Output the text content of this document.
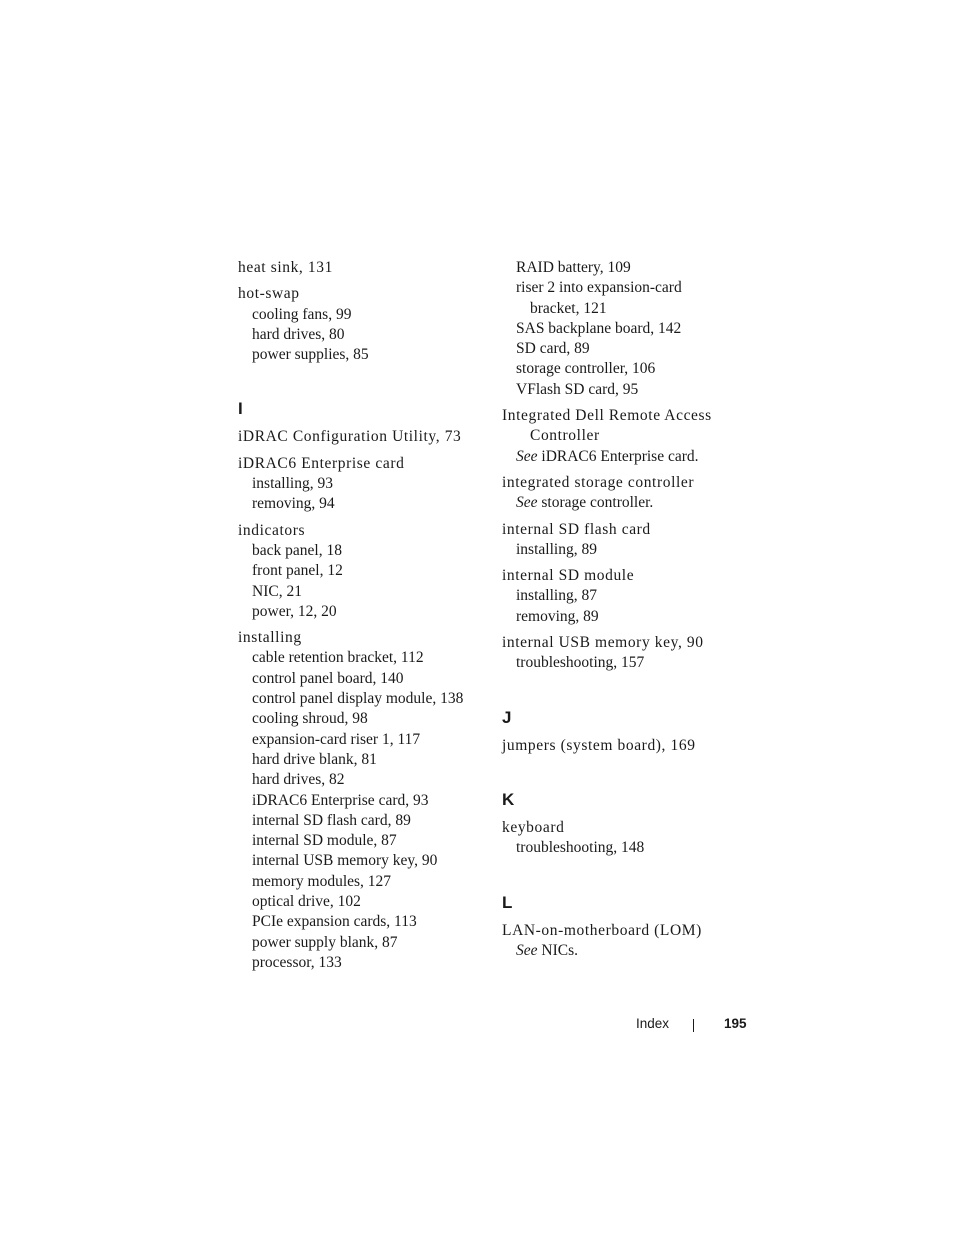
heat sink, 131
hot-swap
cooling fans, 99
hard drives, 80
power supplies, 85
I
iDRAC Configuration Utility, 73
iDRAC6 Enterprise card
installing, 93
removing, 94
indicators
back panel, 18
front panel, 12
NIC, 21
power, 12, 20
installing
cable retention bracket, 112
control panel board, 140
control panel display module, 138
cooling shroud, 98
expansion-card riser 1, 117
hard drive blank, 81
hard drives, 82
iDRAC6 Enterprise card, 93
internal SD flash card, 89
internal SD module, 87
internal USB memory key, 90
memory modules, 127
optical drive, 102
PCIe expansion cards, 113
power supply blank, 87
processor, 133
RAID battery, 109
riser 2 into expansion-card
bracket, 121
SAS backplane board, 142
SD card, 89
storage controller, 106
VFlash SD card, 95
Integrated Dell Remote Access
Controller
See iDRAC6 Enterprise card.
integrated storage controller
See storage controller.
internal SD flash card
installing, 89
internal SD module
installing, 87
removing, 89
internal USB memory key, 90
troubleshooting, 157
J
jumpers (system board), 169
K
keyboard
troubleshooting, 148
L
LAN-on-motherboard (LOM)
See NICs.
Index	195
